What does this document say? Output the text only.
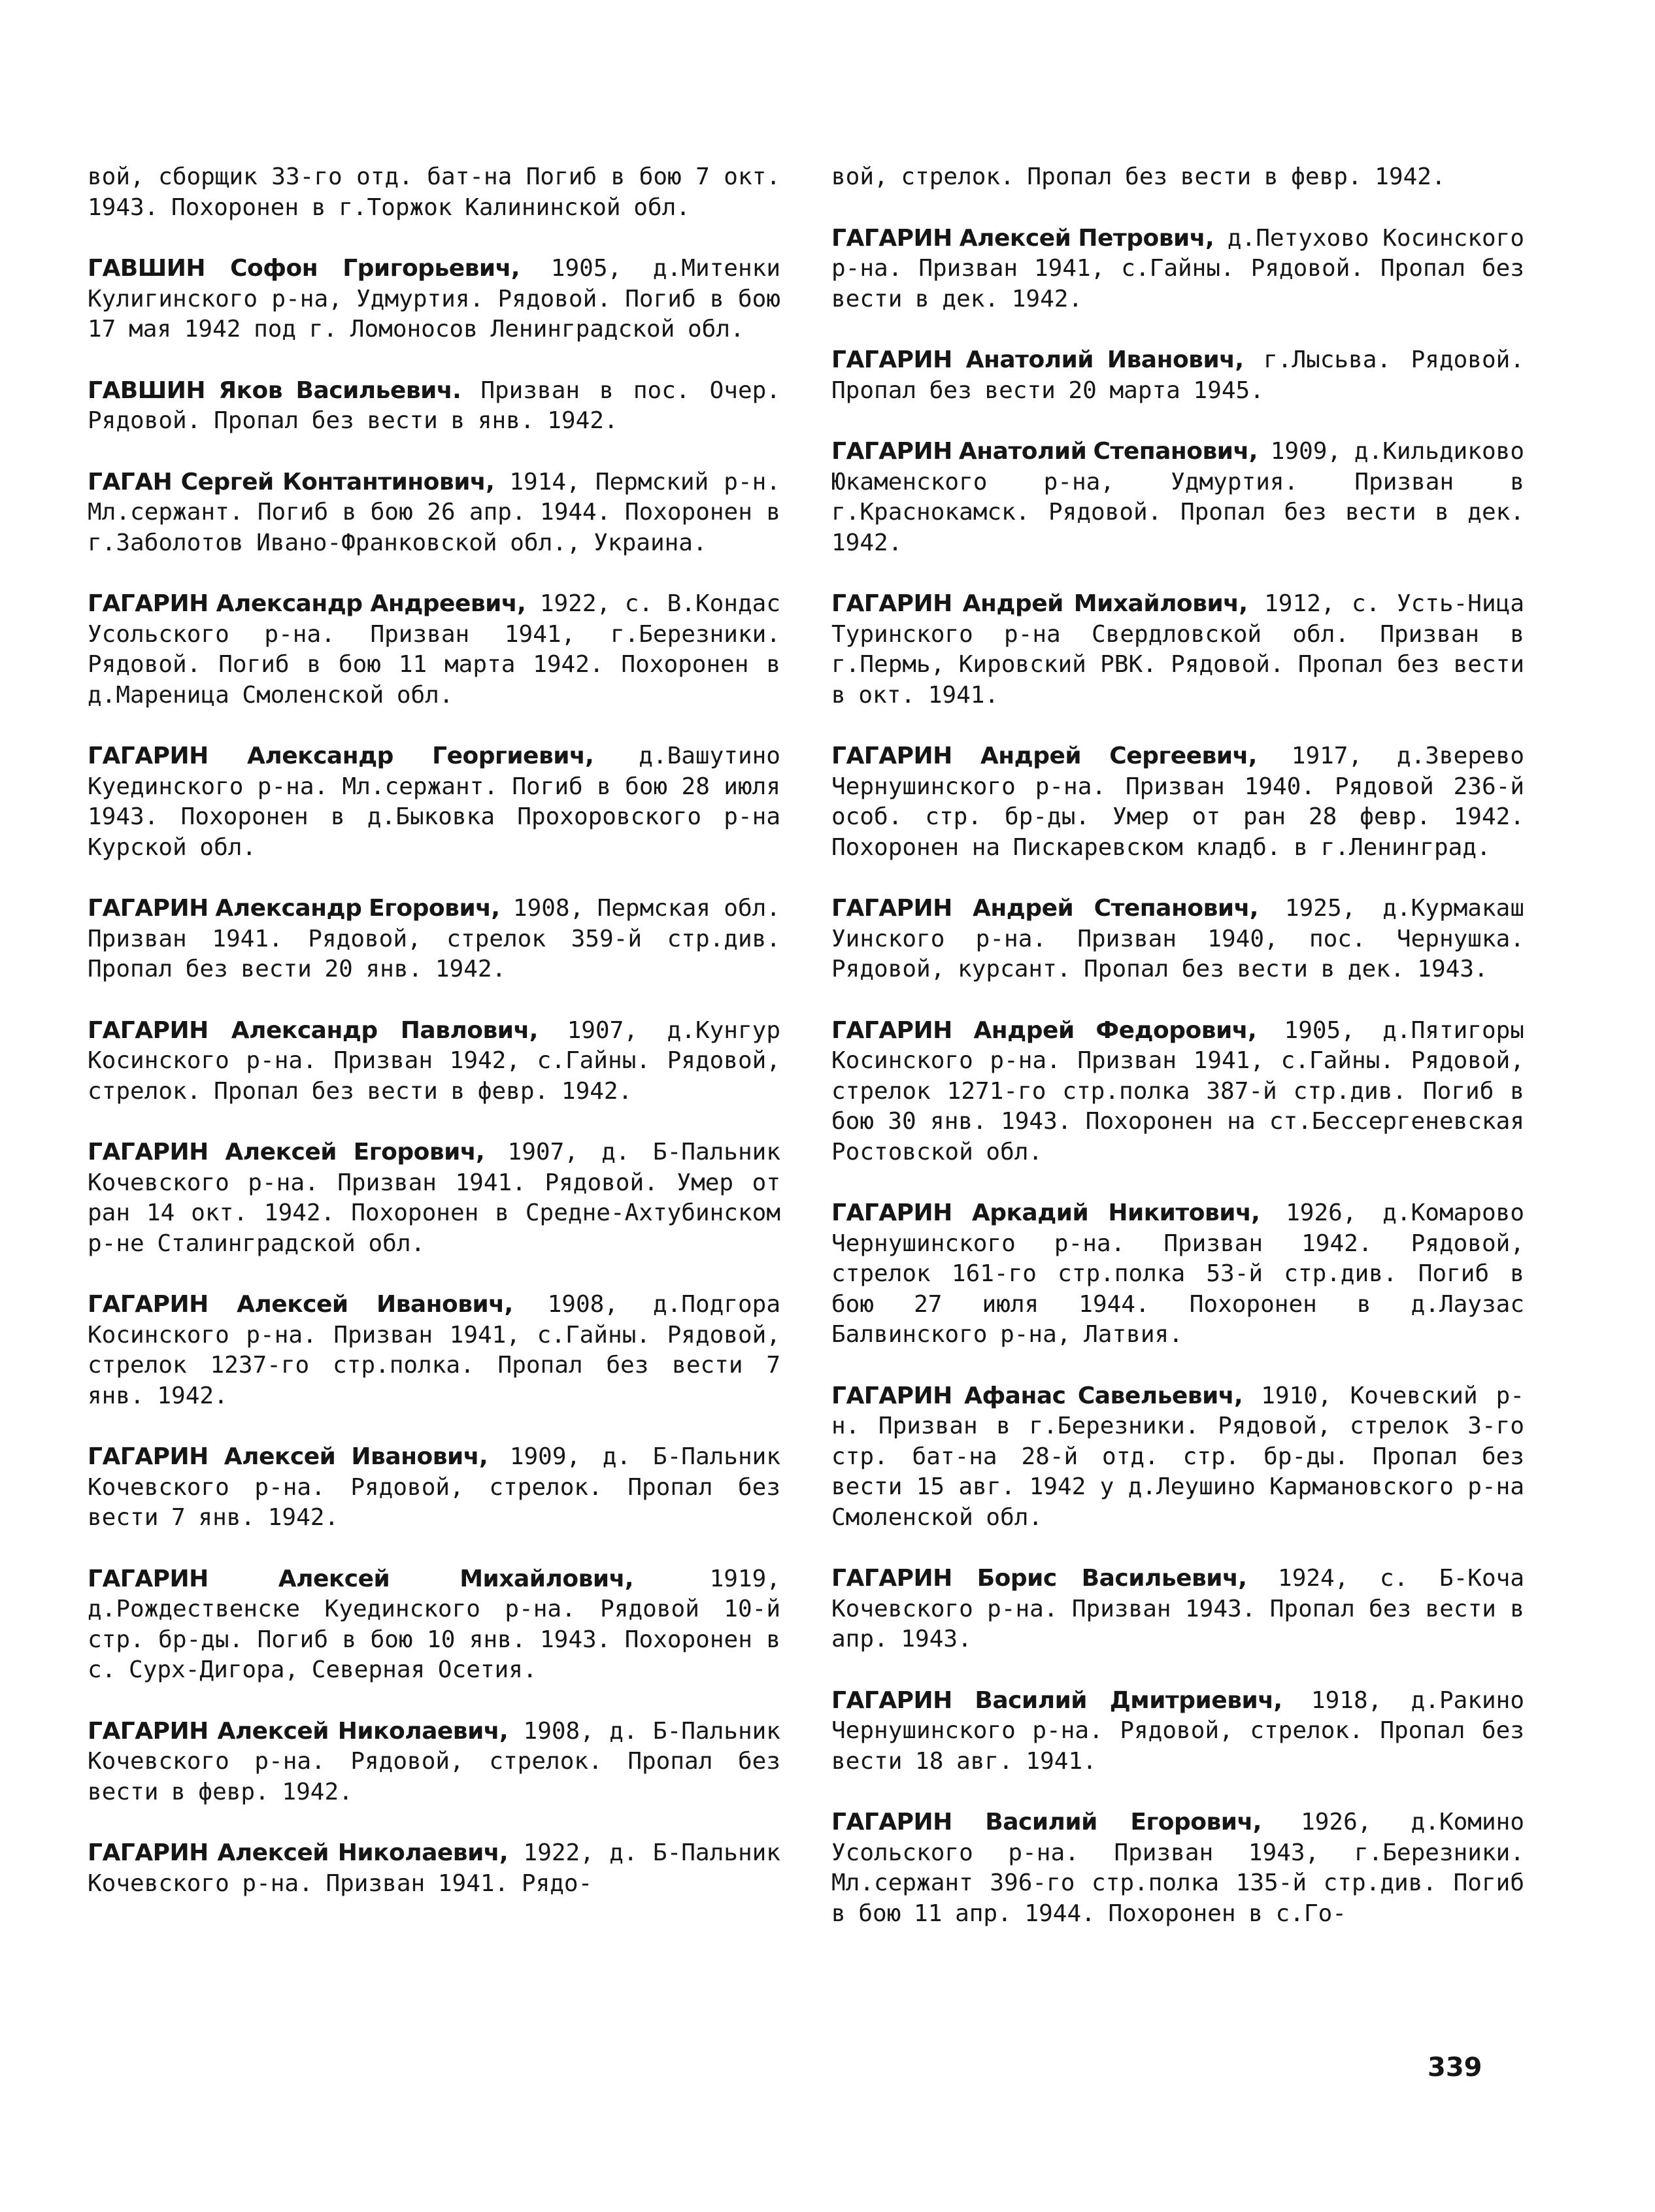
вой, сборщик 33-го отд. бат-на Погиб в бою 7 окт. 1943. Похоронен в г.Торжок Калининской обл.

ГАВШИН Софон Григорьевич, 1905, д.Митенки Кулигинского р-на, Удмуртия. Рядовой. Погиб в бою 17 мая 1942 под г. Ломоносов Ленинградской обл.

ГАВШИН Яков Васильевич. Призван в пос. Очер. Рядовой. Пропал без вести в янв. 1942.

ГАГАН Сергей Контантинович, 1914, Пермский р-н. Мл.сержант. Погиб в бою 26 апр. 1944. Похоронен в г.Заболотов Ивано-Франковской обл., Украина.

ГАГАРИН Александр Андреевич, 1922, с. В.Кондас Усольского р-на. Призван 1941, г.Березники. Рядовой. Погиб в бою 11 марта 1942. Похоронен в д.Мареница Смоленской обл.

ГАГАРИН Александр Георгиевич, д.Вашутино Куединского р-на. Мл.сержант. Погиб в бою 28 июля 1943. Похоронен в д.Быковка Прохоровского р-на Курской обл.

ГАГАРИН Александр Егорович, 1908, Пермская обл. Призван 1941. Рядовой, стрелок 359-й стр.див. Пропал без вести 20 янв. 1942.

ГАГАРИН Александр Павлович, 1907, д.Кунгур Косинского р-на. Призван 1942, с.Гайны. Рядовой, стрелок. Пропал без вести в февр. 1942.

ГАГАРИН Алексей Егорович, 1907, д. Б-Пальник Кочевского р-на. Призван 1941. Рядовой. Умер от ран 14 окт. 1942. Похоронен в Средне-Ахтубинском р-не Сталинградской обл.

ГАГАРИН Алексей Иванович, 1908, д.Подгора Косинского р-на. Призван 1941, с.Гайны. Рядовой, стрелок 1237-го стр.полка. Пропал без вести 7 янв. 1942.

ГАГАРИН Алексей Иванович, 1909, д. Б-Пальник Кочевского р-на. Рядовой, стрелок. Пропал без вести 7 янв. 1942.

ГАГАРИН Алексей Михайлович, 1919, д.Рождественске Куединского р-на. Рядовой 10-й стр. бр-ды. Погиб в бою 10 янв. 1943. Похоронен в с. Сурх-Дигора, Северная Осетия.

ГАГАРИН Алексей Николаевич, 1908, д. Б-Пальник Кочевского р-на. Рядовой, стрелок. Пропал без вести в февр. 1942.

ГАГАРИН Алексей Николаевич, 1922, д. Б-Пальник Кочевского р-на. Призван 1941. Рядо-

вой, стрелок. Пропал без вести в февр. 1942.

ГАГАРИН Алексей Петрович, д.Петухово Косинского р-на. Призван 1941, с.Гайны. Рядовой. Пропал без вести в дек. 1942.

ГАГАРИН Анатолий Иванович, г.Лысьва. Рядовой. Пропал без вести 20 марта 1945.

ГАГАРИН Анатолий Степанович, 1909, д.Кильдиково Юкаменского р-на, Удмуртия. Призван в г.Краснокамск. Рядовой. Пропал без вести в дек. 1942.

ГАГАРИН Андрей Михайлович, 1912, с. Усть-Ница Туринского р-на Свердловской обл. Призван в г.Пермь, Кировский РВК. Рядовой. Пропал без вести в окт. 1941.

ГАГАРИН Андрей Сергеевич, 1917, д.Зверево Чернушинского р-на. Призван 1940. Рядовой 236-й особ. стр. бр-ды. Умер от ран 28 февр. 1942. Похоронен на Пискаревском кладб. в г.Ленинград.

ГАГАРИН Андрей Степанович, 1925, д.Курмакаш Уинского р-на. Призван 1940, пос. Чернушка. Рядовой, курсант. Пропал без вести в дек. 1943.

ГАГАРИН Андрей Федорович, 1905, д.Пятигоры Косинского р-на. Призван 1941, с.Гайны. Рядовой, стрелок 1271-го стр.полка 387-й стр.див. Погиб в бою 30 янв. 1943. Похоронен на ст.Бессергеневская Ростовской обл.

ГАГАРИН Аркадий Никитович, 1926, д.Комарово Чернушинского р-на. Призван 1942. Рядовой, стрелок 161-го стр.полка 53-й стр.див. Погиб в бою 27 июля 1944. Похоронен в д.Лаузас Балвинского р-на, Латвия.

ГАГАРИН Афанас Савельевич, 1910, Кочевский р-н. Призван в г.Березники. Рядовой, стрелок 3-го стр. бат-на 28-й отд. стр. бр-ды. Пропал без вести 15 авг. 1942 у д.Леушино Кармановского р-на Смоленской обл.

ГАГАРИН Борис Васильевич, 1924, с. Б-Коча Кочевского р-на. Призван 1943. Пропал без вести в апр. 1943.

ГАГАРИН Василий Дмитриевич, 1918, д.Ракино Чернушинского р-на. Рядовой, стрелок. Пропал без вести 18 авг. 1941.

ГАГАРИН Василий Егорович, 1926, д.Комино Усольского р-на. Призван 1943, г.Березники. Мл.сержант 396-го стр.полка 135-й стр.див. Погиб в бою 11 апр. 1944. Похоронен в с.Го-

339
